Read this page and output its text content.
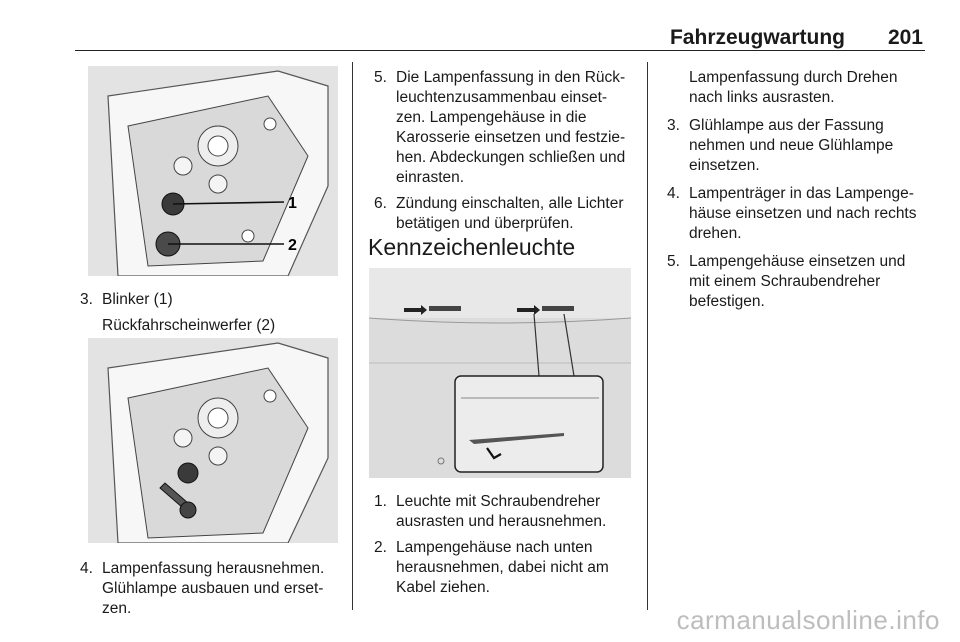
Fahrzeugwartung 201
1
2
3. Blinker (1)
Rückfahrscheinwerfer (2)
4. Lampenfassung herausnehmen.
Glühlampe ausbauen und erset-
zen.
5. Die Lampenfassung in den Rück-
leuchtenzusammenbau einset-
zen. Lampengehäuse in die
Karosserie einsetzen und festzie-
hen. Abdeckungen schließen und
einrasten.
6. Zündung einschalten, alle Lichter
betätigen und überprüfen.
Kennzeichenleuchte
1. Leuchte mit Schraubendreher
ausrasten und herausnehmen.
2. Lampengehäuse nach unten
herausnehmen, dabei nicht am
Kabel ziehen.
Lampenfassung durch Drehen
nach links ausrasten.
3. Glühlampe aus der Fassung
nehmen und neue Glühlampe
einsetzen.
4. Lampenträger in das Lampenge-
häuse einsetzen und nach rechts
drehen.
5. Lampengehäuse einsetzen und
mit einem Schraubendreher
befestigen.
carmanualsonline.info
